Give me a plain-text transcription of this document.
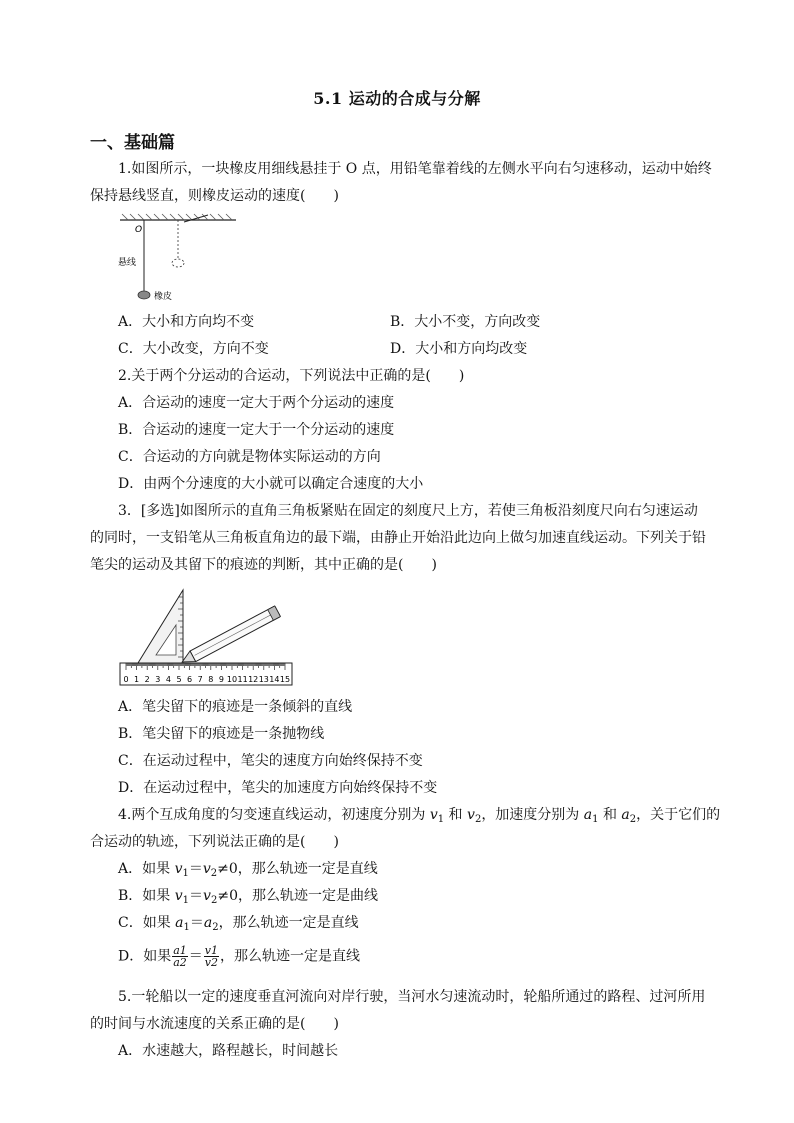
5.1 运动的合成与分解
一、基础篇
1.如图所示，一块橡皮用细线悬挂于 O 点，用铅笔靠着线的左侧水平向右匀速移动，运动中始终
保持悬线竖直，则橡皮运动的速度(　　)
O
悬线
橡皮
A．大小和方向均不变	B．大小不变，方向改变
C．大小改变，方向不变	D．大小和方向均改变
2.关于两个分运动的合运动，下列说法中正确的是(　　)
A．合运动的速度一定大于两个分运动的速度
B．合运动的速度一定大于一个分运动的速度
C．合运动的方向就是物体实际运动的方向
D．由两个分速度的大小就可以确定合速度的大小
3．[多选]如图所示的直角三角板紧贴在固定的刻度尺上方，若使三角板沿刻度尺向右匀速运动
的同时，一支铅笔从三角板直角边的最下端，由静止开始沿此边向上做匀加速直线运动。下列关于铅
笔尖的运动及其留下的痕迹的判断，其中正确的是(　　)
0 1 2 3 4 5 6 7 8 9 10 11 12 13 14 15
A．笔尖留下的痕迹是一条倾斜的直线
B．笔尖留下的痕迹是一条抛物线
C．在运动过程中，笔尖的速度方向始终保持不变
D．在运动过程中，笔尖的加速度方向始终保持不变
4.两个互成角度的匀变速直线运动，初速度分别为 $v_1$ 和 $v_2$，加速度分别为 $a_1$ 和 $a_2$，关于它们的
合运动的轨迹，下列说法正确的是(　　)
A．如果 $v_1=v_2\ne 0$，那么轨迹一定是直线
B．如果 $v_1=v_2\ne 0$，那么轨迹一定是曲线
C．如果 $a_1=a_2$，那么轨迹一定是直线
D．如果 $\frac{a1}{a2} = \frac{v1}{v2}$ ，那么轨迹一定是直线
5.一轮船以一定的速度垂直河流向对岸行驶，当河水匀速流动时，轮船所通过的路程、过河所用
的时间与水流速度的关系正确的是(　　)
A．水速越大，路程越长，时间越长
